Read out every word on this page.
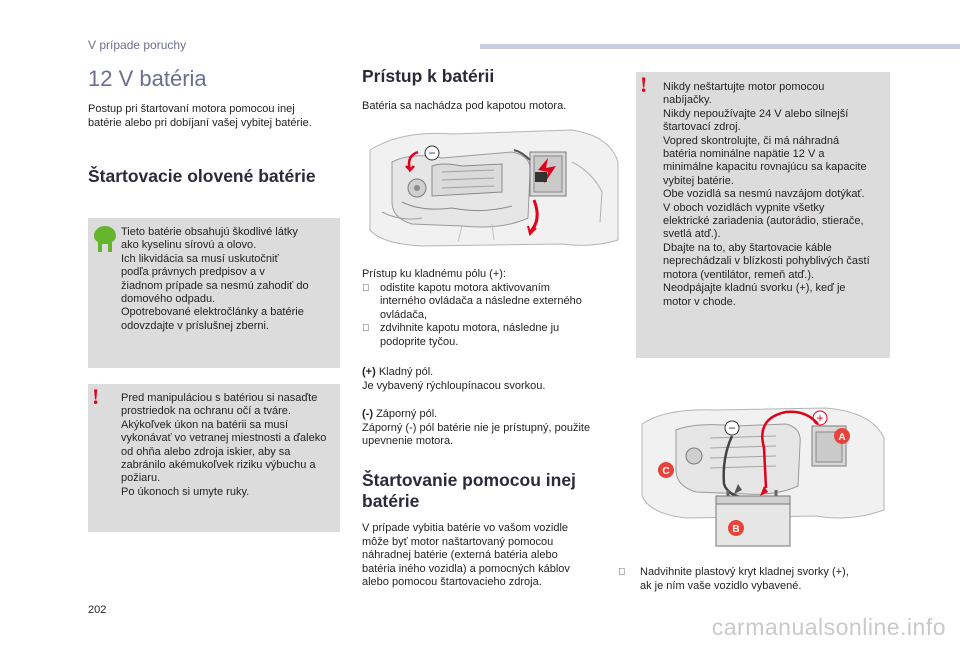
V prípade poruchy
12 V batéria
Postup pri štartovaní motora pomocou inej
batérie alebo pri dobíjaní vašej vybitej batérie.
Štartovacie olovené batérie
Tieto batérie obsahujú škodlivé látky
ako kyselinu sírovú a olovo.
Ich likvidácia sa musí uskutočniť
podľa právnych predpisov a v
žiadnom prípade sa nesmú zahodiť do
domového odpadu.
Opotrebované elektročlánky a batérie
odovzdajte v príslušnej zberni.
! Pred manipuláciou s batériou si nasaďte
prostriedok na ochranu očí a tváre.
Akýkoľvek úkon na batérii sa musí
vykonávať vo vetranej miestnosti a ďaleko
od ohňa alebo zdroja iskier, aby sa
zabránilo akémukoľvek riziku výbuchu a
požiaru.
Po úkonoch si umyte ruky.
Prístup k batérii
Batéria sa nachádza pod kapotou motora.
−
Prístup ku kladnému pólu (+):
odistite kapotu motora aktivovaním
interného ovládača a následne externého
ovládača,
zdvihnite kapotu motora, následne ju
podoprite tyčou.
(+) Kladný pól.
Je vybavený rýchloupínacou svorkou.
(-) Záporný pól.
Záporný (-) pól batérie nie je prístupný, použite
upevnenie motora.
Štartovanie pomocou inej
batérie
V prípade vybitia batérie vo vašom vozidle
môže byť motor naštartovaný pomocou
náhradnej batérie (externá batéria alebo
batéria iného vozidla) a pomocných káblov
alebo pomocou štartovacieho zdroja.
! Nikdy neštartujte motor pomocou
nabíjačky.
Nikdy nepoužívajte 24 V alebo silnejší
štartovací zdroj.
Vopred skontrolujte, či má náhradná
batéria nominálne napätie 12 V a
minimálne kapacitu rovnajúcu sa kapacite
vybitej batérie.
Obe vozidlá sa nesmú navzájom dotýkať.
V oboch vozidlách vypnite všetky
elektrické zariadenia (autorádio, stierače,
svetlá atď.).
Dbajte na to, aby štartovacie káble
neprechádzali v blízkosti pohyblivých častí
motora (ventilátor, remeň atď.).
Neodpájajte kladnú svorku (+), keď je
motor v chode.
−
+
A
B
C
Nadvihnite plastový kryt kladnej svorky (+),
ak je ním vaše vozidlo vybavené.
202
carmanualsonline.info
